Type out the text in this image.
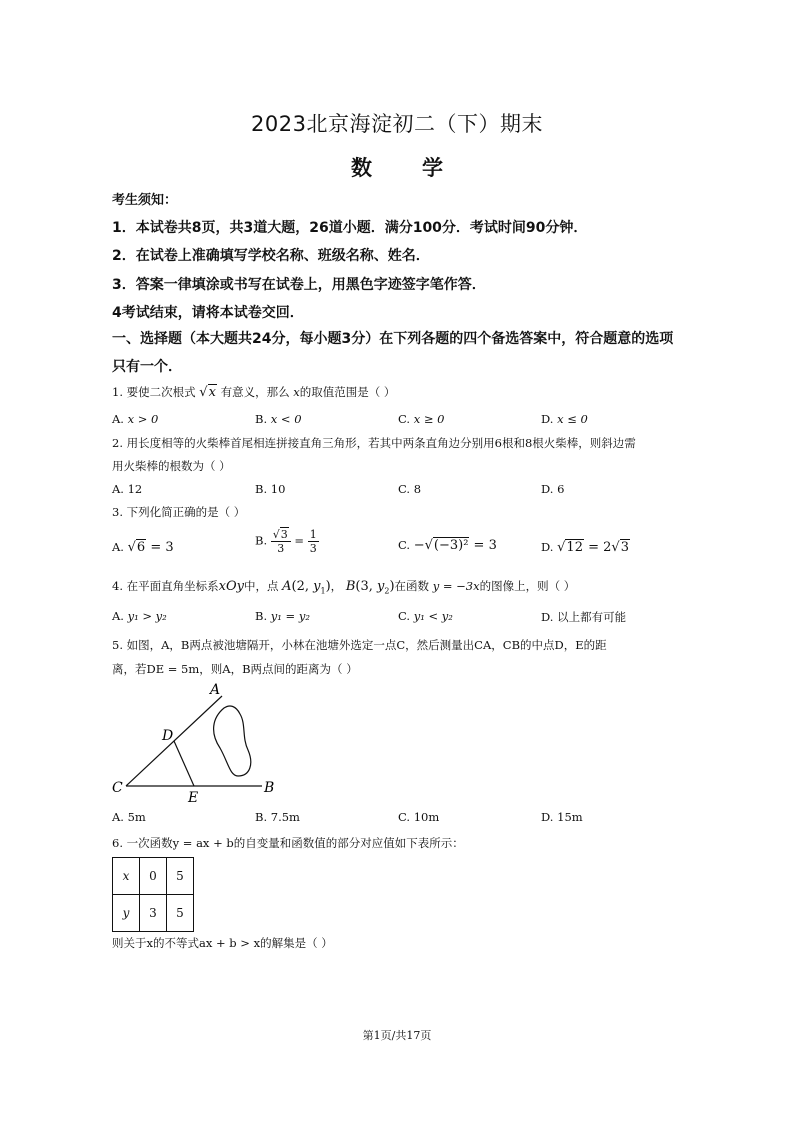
2023北京海淀初二（下）期末
数学
考生须知：
1．本试卷共8页，共3道大题，26道小题．满分100分．考试时间90分钟．
2．在试卷上准确填写学校名称、班级名称、姓名．
3．答案一律填涂或书写在试卷上，用黑色字迹签字笔作答．
4考试结束，请将本试卷交回．
一、选择题（本大题共24分，每小题3分）在下列各题的四个备选答案中，符合题意的选项
只有一个．
1. 要使二次根式 √x 有意义，那么 x的取值范围是（ ）
A. x > 0	B. x < 0	C. x ≥ 0	D. x ≤ 0
2. 用长度相等的火柴棒首尾相连拼接直角三角形，若其中两条直角边分别用6根和8根火柴棒，则斜边需
用火柴棒的根数为（ ）
A. 12	B. 10	C. 8	D. 6
3. 下列化简正确的是（ ）
A. √6 = 3	B. $\frac{√3}{3} = \frac{1}{3}$	C. −√(−3)² = 3	D. √12 = 2√3
4. 在平面直角坐标系xOy中，点 A(2, $y_1$)， B(3, $y_2$)在函数 y = −3x的图像上，则（ ）
A. y₁ > y₂	B. y₁ = y₂	C. y₁ < y₂	D. 以上都有可能
5. 如图，A，B两点被池塘隔开，小林在池塘外选定一点C，然后测量出CA，CB的中点D，E的距
离，若DE = 5m，则A，B两点间的距离为（ ）
A
D
C
E
B
A. 5m	B. 7.5m	C. 10m	D. 15m
6. 一次函数y = ax + b的自变量和函数值的部分对应值如下表所示：
x	0	5
y	3	5
则关于x的不等式ax + b > x的解集是（ ）
第1页/共17页
